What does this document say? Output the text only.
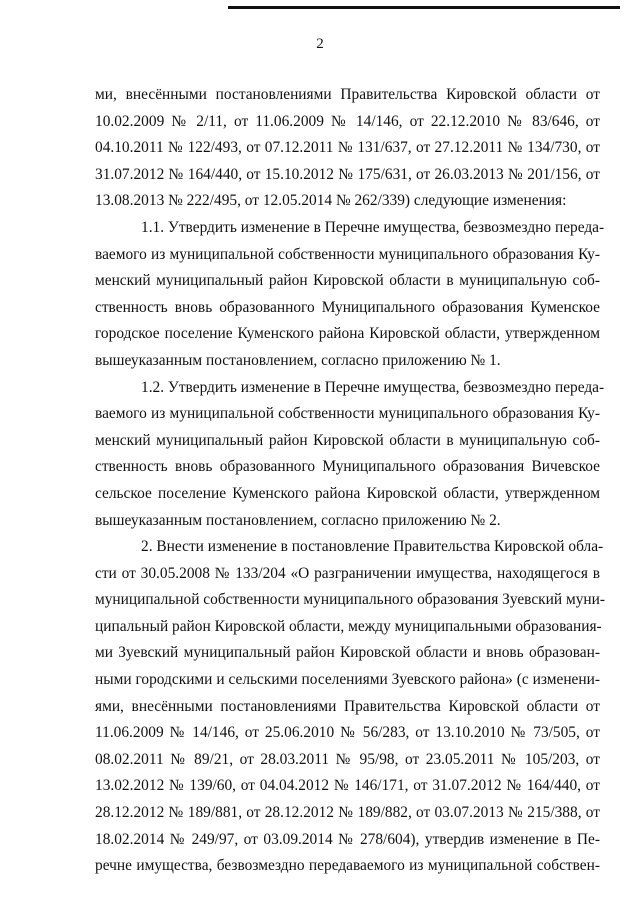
2
ми, внесёнными постановлениями Правительства Кировской области от
10.02.2009 № 2/11, от 11.06.2009 № 14/146, от 22.12.2010 № 83/646, от
04.10.2011 № 122/493, от 07.12.2011 № 131/637, от 27.12.2011 № 134/730, от
31.07.2012 № 164/440, от 15.10.2012 № 175/631, от 26.03.2013 № 201/156, от
13.08.2013 № 222/495, от 12.05.2014 № 262/339) следующие изменения:
1.1. Утвердить изменение в Перечне имущества, безвозмездно переда-
ваемого из муниципальной собственности муниципального образования Ку-
менский муниципальный район Кировской области в муниципальную соб-
ственность вновь образованного Муниципального образования Куменское
городское поселение Куменского района Кировской области, утвержденном
вышеуказанным постановлением, согласно приложению № 1.
1.2. Утвердить изменение в Перечне имущества, безвозмездно переда-
ваемого из муниципальной собственности муниципального образования Ку-
менский муниципальный район Кировской области в муниципальную соб-
ственность вновь образованного Муниципального образования Вичевское
сельское поселение Куменского района Кировской области, утвержденном
вышеуказанным постановлением, согласно приложению № 2.
2. Внести изменение в постановление Правительства Кировской обла-
сти от 30.05.2008 № 133/204 «О разграничении имущества, находящегося в
муниципальной собственности муниципального образования Зуевский муни-
ципальный район Кировской области, между муниципальными образования-
ми Зуевский муниципальный район Кировской области и вновь образован-
ными городскими и сельскими поселениями Зуевского района» (с изменени-
ями, внесёнными постановлениями Правительства Кировской области от
11.06.2009 № 14/146, от 25.06.2010 № 56/283, от 13.10.2010 № 73/505, от
08.02.2011 № 89/21, от 28.03.2011 № 95/98, от 23.05.2011 № 105/203, от
13.02.2012 № 139/60, от 04.04.2012 № 146/171, от 31.07.2012 № 164/440, от
28.12.2012 № 189/881, от 28.12.2012 № 189/882, от 03.07.2013 № 215/388, от
18.02.2014 № 249/97, от 03.09.2014 № 278/604), утвердив изменение в Пе-
речне имущества, безвозмездно передаваемого из муниципальной собствен-
